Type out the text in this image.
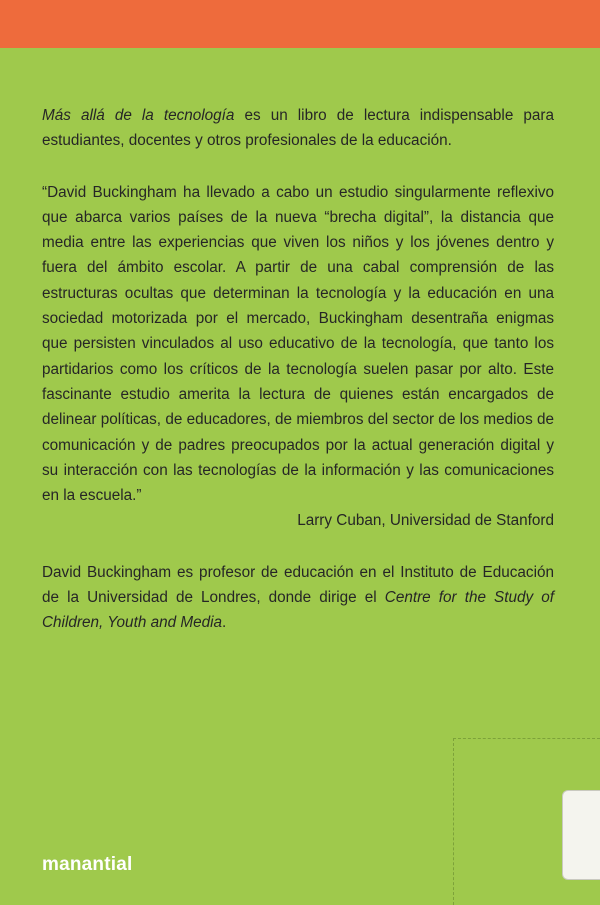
Más allá de la tecnología es un libro de lectura indispensable para estudiantes, docentes y otros profesionales de la educación.

“David Buckingham ha llevado a cabo un estudio singularmente reflexivo que abarca varios países de la nueva “brecha digital”, la distancia que media entre las experiencias que viven los niños y los jóvenes dentro y fuera del ámbito escolar. A partir de una cabal comprensión de las estructuras ocultas que determinan la tecnología y la educación en una sociedad motorizada por el mercado, Buckingham desentraña enigmas que persisten vinculados al uso educativo de la tecnología, que tanto los partidarios como los críticos de la tecnología suelen pasar por alto. Este fascinante estudio amerita la lectura de quienes están encargados de delinear políticas, de educadores, de miembros del sector de los medios de comunicación y de padres preocupados por la actual generación digital y su interacción con las tecnologías de la información y las comunicaciones en la escuela.”

Larry Cuban, Universidad de Stanford

David Buckingham es profesor de educación en el Instituto de Educación de la Universidad de Londres, donde dirige el Centre for the Study of Children, Youth and Media.

manantial
